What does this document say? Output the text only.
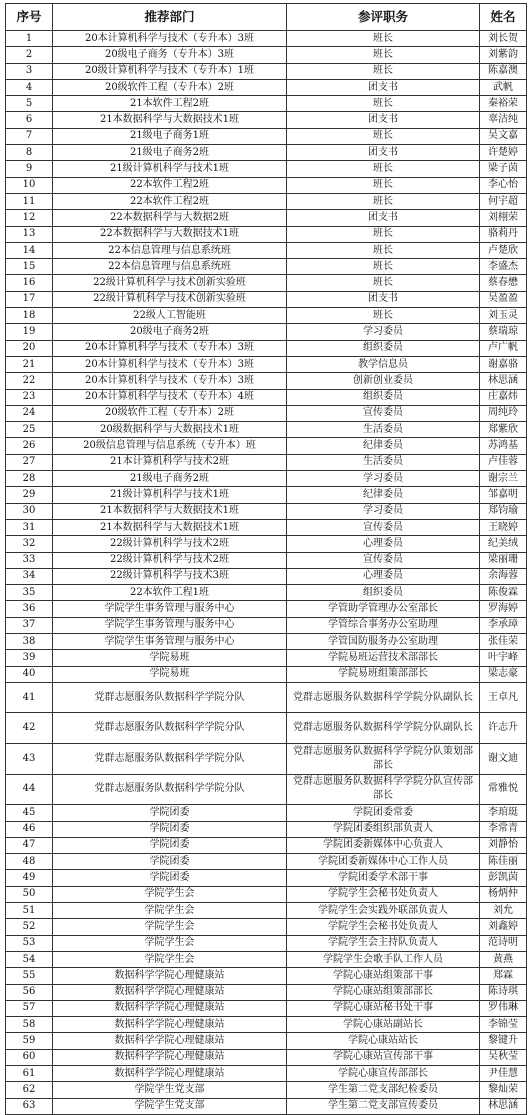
序号	推荐部门	参评职务	姓名
1	20本计算机科学与技术（专升本）3班	班长	刘长贺
2	20级电子商务（专升本）3班	班长	刘紫韵
3	20级计算机科学与技术（专升本）1班	班长	陈嘉澳
4	20级软件工程（专升本）2班	团支书	武帆
5	21本软件工程2班	班长	秦裕荣
6	21本数据科学与大数据技术1班	团支书	辜洁纯
7	21级电子商务1班	班长	吴文嘉
8	21级电子商务2班	团支书	许楚婷
9	21级计算机科学与技术1班	班长	梁子茵
10	22本软件工程2班	班长	李心怡
11	22本软件工程2班	班长	何宇超
12	22本数据科学与大数据2班	团支书	刘栩荣
13	22本数据科学与大数据技术1班	班长	骆莉丹
14	22本信息管理与信息系统班	班长	卢楚欣
15	22本信息管理与信息系统班	班长	李盛杰
16	22级计算机科学与技术创新实验班	班长	蔡春懋
17	22级计算机科学与技术创新实验班	团支书	吴盈盈
18	22级人工智能班	班长	刘玉灵
19	20级电子商务2班	学习委员	蔡瑞琼
20	20本计算机科学与技术（专升本）3班	组织委员	卢广帆
21	20本计算机科学与技术（专升本）3班	教学信息员	谢嘉骆
22	20本计算机科学与技术（专升本）3班	创新创业委员	林思涵
23	20本计算机科学与技术（专升本）4班	组织委员	庄嘉炜
24	20级软件工程（专升本）2班	宣传委员	周纯玲
25	20级数据科学与大数据技术1班	生活委员	郑紫欣
26	20级信息管理与信息系统（专升本）班	纪律委员	苏鸿基
27	21本计算机科学与技术2班	生活委员	卢佳蓉
28	21级电子商务2班	学习委员	谢宗兰
29	21级计算机科学与技术1班	纪律委员	邹嘉明
30	21本数据科学与大数据技术1班	学习委员	郑钧瑜
31	21本数据科学与大数据技术1班	宣传委员	王晓婷
32	22级计算机科学与技术2班	心理委员	纪美绒
33	22级计算机科学与技术2班	宣传委员	梁丽珊
34	22级计算机科学与技术3班	心理委员	余海蓉
35	22本软件工程1班	组织委员	陈俊霖
36	学院学生事务管理与服务中心	学管助学管理办公室部长	罗海婷
37	学院学生事务管理与服务中心	学管综合事务办公室助理	李承璋
38	学院学生事务管理与服务中心	学管国防服务办公室助理	张佳荣
39	学院易班	学院易班运营技术部部长	叶宇峰
40	学院易班	学院易班组策部部长	梁志豪
41	党群志愿服务队数据科学学院分队	党群志愿服务队数据科学学院分队副队长	王卓凡
42	党群志愿服务队数据科学学院分队	党群志愿服务队数据科学学院分队副队长	许志升
43	党群志愿服务队数据科学学院分队	党群志愿服务队数据科学学院分队策划部部长	谢文迪
44	党群志愿服务队数据科学学院分队	党群志愿服务队数据科学学院分队宣传部部长	常雅悦
45	学院团委	学院团委常委	李琯珽
46	学院团委	学院团委组织部负责人	李常青
47	学院团委	学院团委新媒体中心负责人	刘静怡
48	学院团委	学院团委新媒体中心工作人员	陈佳丽
49	学院团委	学院团委学术部干事	彭凯茵
50	学院学生会	学院学生会秘书处负责人	杨炳仲
51	学院学生会	学院学生会实践外联部负责人	刘允
52	学院学生会	学院学生会秘书处负责人	刘鑫婷
53	学院学生会	学院学生会主持队负责人	范诗明
54	学院学生会	学院学生会歌手队工作人员	黄燕
55	数据科学学院心理健康站	学院心康站组策部干事	郑霖
56	数据科学学院心理健康站	学院心康站组策部部长	陈诗琪
57	数据科学学院心理健康站	学院心康站秘书处干事	罗伟琳
58	数据科学学院心理健康站	学院心康站副站长	李锦莹
59	数据科学学院心理健康站	学院心康站站长	黎键升
60	数据科学学院心理健康站	学院心康站宣传部干事	吴秋莹
61	数据科学学院心理健康站	学院心康宣传部部长	尹佳慧
62	学院学生党支部	学生第二党支部纪检委员	黎灿荣
63	学院学生党支部	学生第二党支部宣传委员	林思涵
